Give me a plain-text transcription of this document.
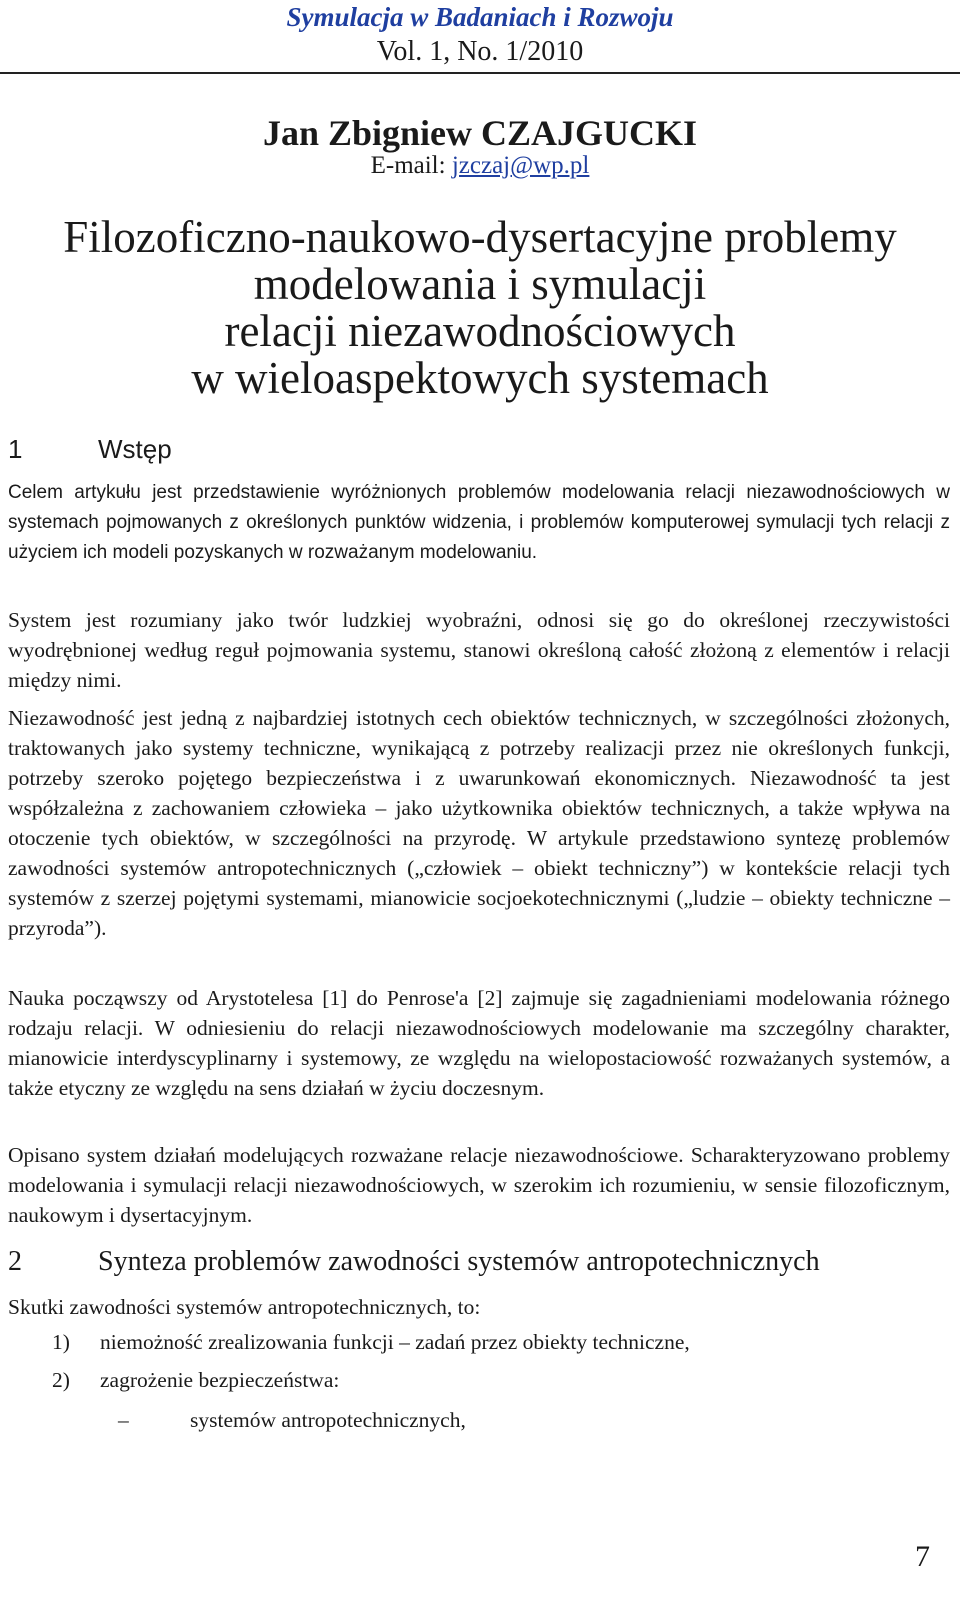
Symulacja w Badaniach i Rozwoju
Vol. 1, No. 1/2010
Jan Zbigniew CZAJGUCKI
E-mail: jzczaj@wp.pl
Filozoficzno-naukowo-dysertacyjne problemy
modelowania i symulacji
relacji niezawodnościowych
w wieloaspektowych systemach
1	Wstęp
Celem artykułu jest przedstawienie wyróżnionych problemów modelowania relacji niezawodnościowych w systemach pojmowanych z określonych punktów widzenia, i problemów komputerowej symulacji tych relacji z użyciem ich modeli pozyskanych w rozważanym modelowaniu.
System jest rozumiany jako twór ludzkiej wyobraźni, odnosi się go do określonej rzeczywistości wyodrębnionej według reguł pojmowania systemu, stanowi określoną całość złożoną z elementów i relacji między nimi.
Niezawodność jest jedną z najbardziej istotnych cech obiektów technicznych, w szczególności złożonych, traktowanych jako systemy techniczne, wynikającą z potrzeby realizacji przez nie określonych funkcji, potrzeby szeroko pojętego bezpieczeństwa i z uwarunkowań ekonomicznych. Niezawodność ta jest współzależna z zachowaniem człowieka – jako użytkownika obiektów technicznych, a także wpływa na otoczenie tych obiektów, w szczególności na przyrodę. W artykule przedstawiono syntezę problemów zawodności systemów antropotechnicznych („człowiek – obiekt techniczny”) w kontekście relacji tych systemów z szerzej pojętymi systemami, mianowicie socjoekotechnicznymi („ludzie – obiekty techniczne – przyroda”).
Nauka począwszy od Arystotelesa [1] do Penrose'a [2] zajmuje się zagadnieniami modelowania różnego rodzaju relacji. W odniesieniu do relacji niezawodnościowych modelowanie ma szczególny charakter, mianowicie interdyscyplinarny i systemowy, ze względu na wielopostaciowość rozważanych systemów, a także etyczny ze względu na sens działań w życiu doczesnym.
Opisano system działań modelujących rozważane relacje niezawodnościowe. Scharakteryzowano problemy modelowania i symulacji relacji niezawodnościowych, w szerokim ich rozumieniu, w sensie filozoficznym, naukowym i dysertacyjnym.
2	Synteza problemów zawodności systemów antropotechnicznych
Skutki zawodności systemów antropotechnicznych, to:
1) niemożność zrealizowania funkcji – zadań przez obiekty techniczne,
2) zagrożenie bezpieczeństwa:
–	systemów antropotechnicznych,
7
